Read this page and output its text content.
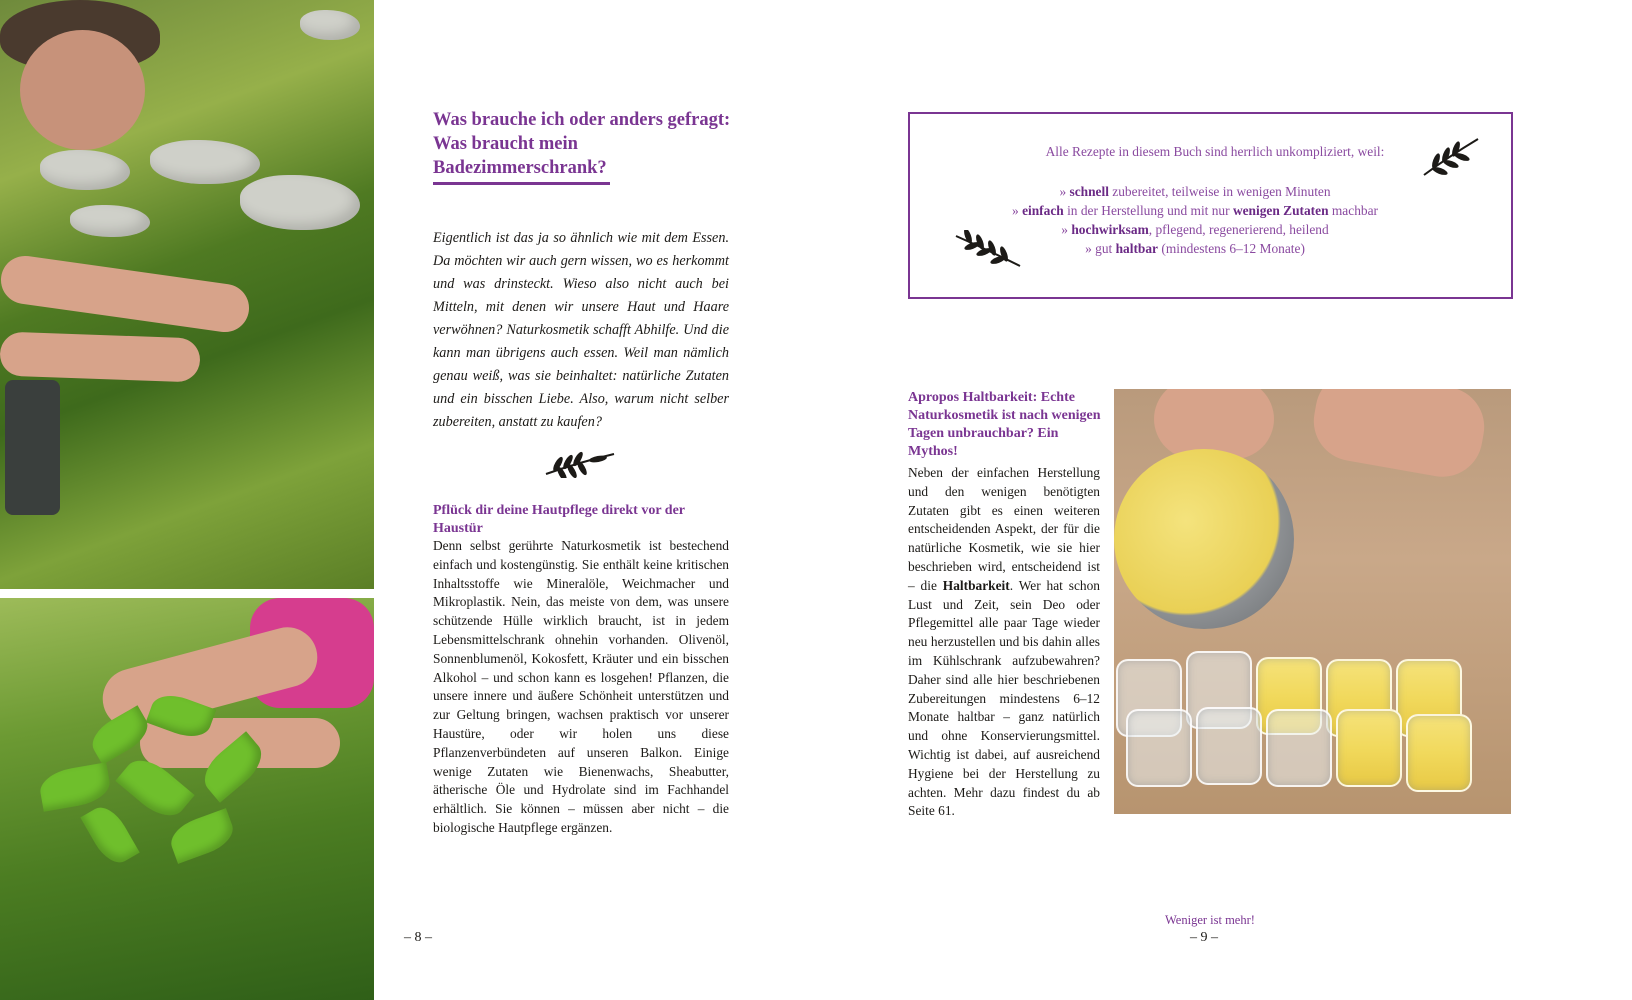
Was brauche ich oder anders gefragt: Was braucht mein Badezimmerschrank?

Eigentlich ist das ja so ähnlich wie mit dem Essen. Da möchten wir auch gern wissen, wo es herkommt und was drinsteckt. Wieso also nicht auch bei Mitteln, mit denen wir unsere Haut und Haare verwöhnen? Naturkosmetik schafft Abhilfe. Und die kann man übrigens auch essen. Weil man nämlich genau weiß, was sie beinhaltet: natürliche Zutaten und ein bisschen Liebe. Also, warum nicht selber zubereiten, anstatt zu kaufen?

Pflück dir deine Hautpflege direkt vor der Haustür

Denn selbst gerührte Naturkosmetik ist bestechend einfach und kostengünstig. Sie enthält keine kritischen Inhaltsstoffe wie Mineralöle, Weichmacher und Mikroplastik. Nein, das meiste von dem, was unsere schützende Hülle wirklich braucht, ist in jedem Lebensmittelschrank ohnehin vorhanden. Olivenöl, Sonnenblumenöl, Kokosfett, Kräuter und ein bisschen Alkohol – und schon kann es losgehen! Pflanzen, die unsere innere und äußere Schönheit unterstützen und zur Geltung bringen, wachsen praktisch vor unserer Haustüre, oder wir holen uns diese Pflanzenverbündeten auf unseren Balkon. Einige wenige Zutaten wie Bienenwachs, Sheabutter, ätherische Öle und Hydrolate sind im Fachhandel erhältlich. Sie können – müssen aber nicht – die biologische Hautpflege ergänzen.

– 8 –

Alle Rezepte in diesem Buch sind herrlich unkompliziert, weil:

» schnell zubereitet, teilweise in wenigen Minuten
» einfach in der Herstellung und mit nur wenigen Zutaten machbar
» hochwirksam, pflegend, regenerierend, heilend
» gut haltbar (mindestens 6–12 Monate)
Apropos Haltbarkeit: Echte Naturkosmetik ist nach wenigen Tagen unbrauchbar? Ein Mythos!

Neben der einfachen Herstellung und den wenigen benötigten Zutaten gibt es einen weiteren entscheidenden Aspekt, der für die natürliche Kosmetik, wie sie hier beschrieben wird, entscheidend ist – die Haltbarkeit. Wer hat schon Lust und Zeit, sein Deo oder Pflegemittel alle paar Tage wieder neu herzustellen und bis dahin alles im Kühlschrank aufzubewahren? Daher sind alle hier beschriebenen Zubereitungen mindestens 6–12 Monate haltbar – ganz natürlich und ohne Konservierungsmittel. Wichtig ist dabei, auf ausreichend Hygiene bei der Herstellung zu achten. Mehr dazu findest du ab Seite 61.

Weniger ist mehr!
– 9 –
